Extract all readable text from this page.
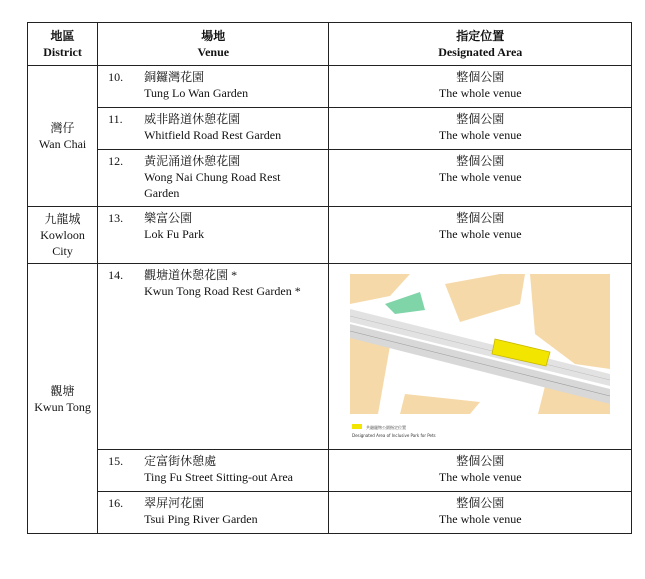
地區
District	場地
Venue	指定位置
Designated Area

灣仔
Wan Chai	10. 銅鑼灣花園
Tung Lo Wan Garden	整個公園
The whole venue

	11. 威非路道休憩花園
Whitfield Road Rest Garden	整個公園
The whole venue

	12. 黃泥涌道休憩花園
Wong Nai Chung Road Rest
Garden	整個公園
The whole venue

九龍城
Kowloon
City	13. 樂富公園
Lok Fu Park	整個公園
The whole venue

觀塘
Kwun Tong	14. 觀塘道休憩花園 *
Kwun Tong Road Rest Garden *	共融寵物公園指定位置
Designated Area of Inclusive Park for Pets

	15. 定富街休憩處
Ting Fu Street Sitting-out Area	整個公園
The whole venue

	16. 翠屏河花園
Tsui Ping River Garden	整個公園
The whole venue
